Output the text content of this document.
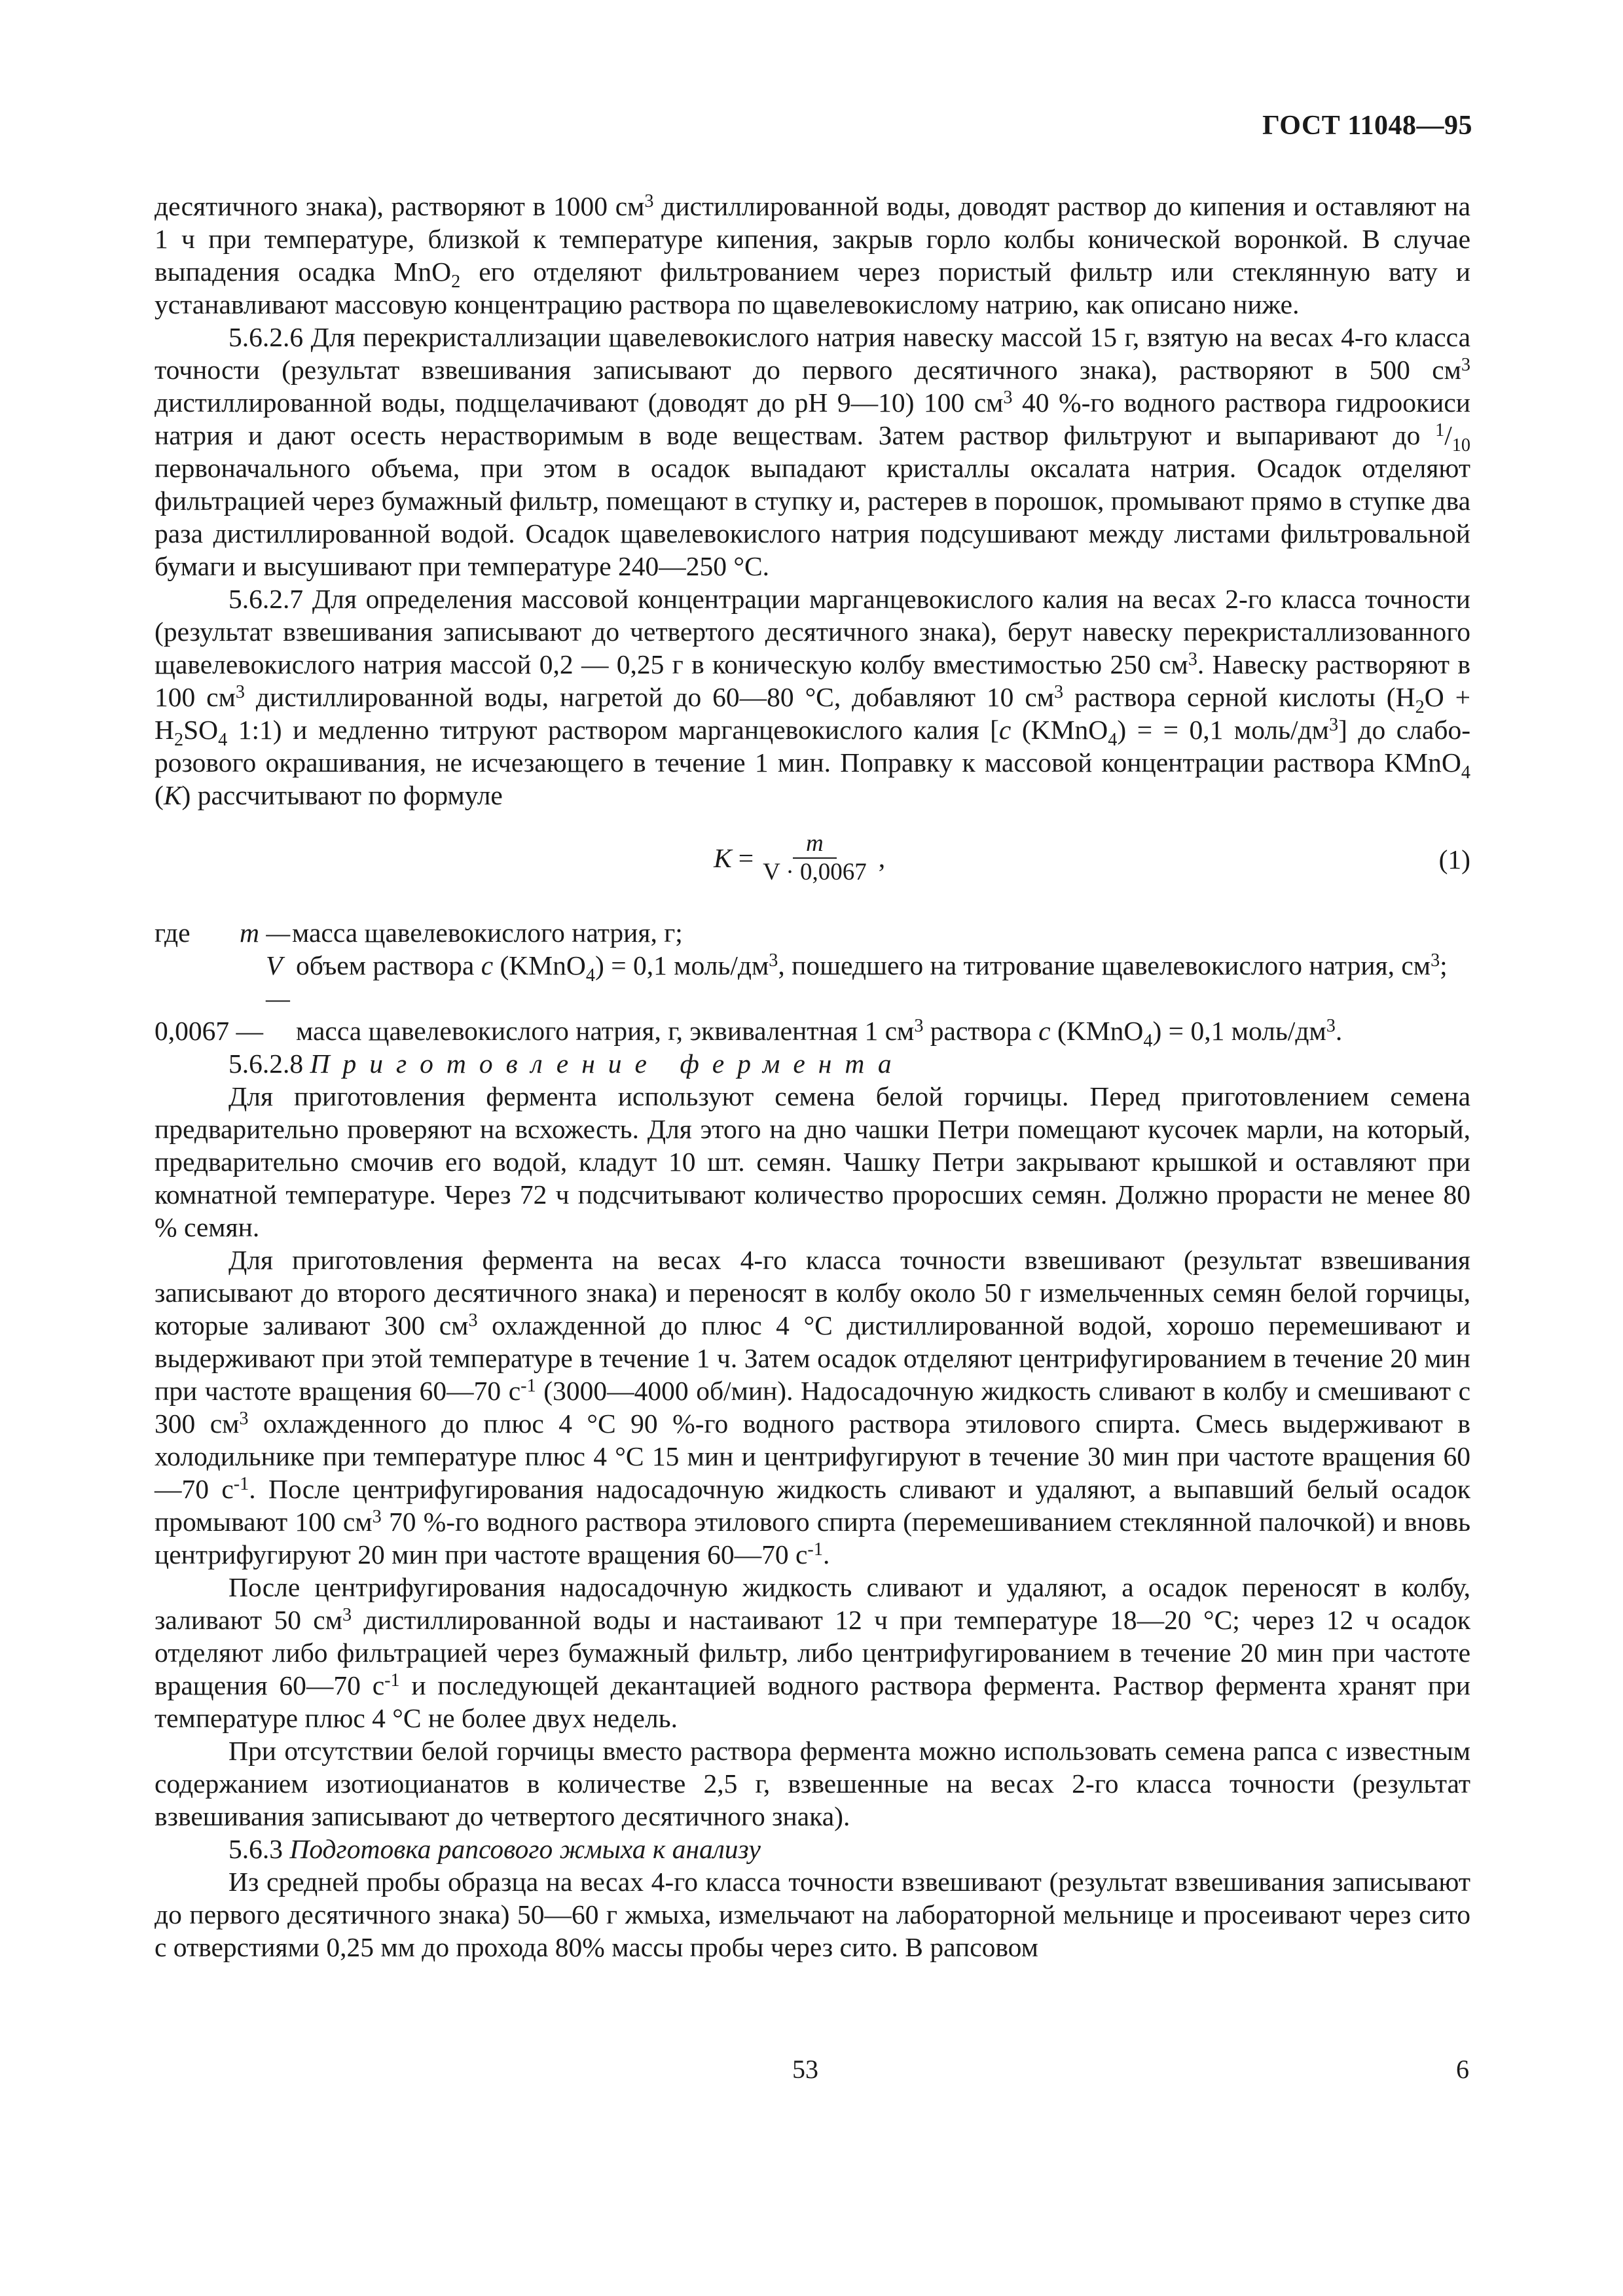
ГОСТ 11048—95

десятичного знака), растворяют в 1000 $см^3$ дистиллированной воды, доводят раствор до кипения и оставляют на 1 ч при температуре, близкой к температуре кипения, закрыв горло колбы конической воронкой. В случае выпадения осадка MnO$_2$ его отделяют фильтрованием через пористый фильтр или стеклянную вату и устанавливают массовую концентрацию раствора по щавелевокислому натрию, как описано ниже.

5.6.2.6 Для перекристаллизации щавелевокислого натрия навеску массой 15 г, взятую на весах 4-го класса точности (результат взвешивания записывают до первого десятичного знака), растворяют в 500 $см^3$ дистиллированной воды, подщелачивают (доводят до рН 9—10) 100 $см^3$ 40 %-го водного раствора гидроокиси натрия и дают осесть нерастворимым в воде веществам. Затем раствор фильтруют и выпаривают до $^1/_{10}$ первоначального объема, при этом в осадок выпадают кристаллы оксалата натрия. Осадок отделяют фильтрацией через бумажный фильтр, помещают в ступку и, растерев в порошок, промывают прямо в ступке два раза дистиллированной водой. Осадок щавелевокислого натрия подсушивают между листами фильтровальной бумаги и высушивают при температуре 240—250 °С.

5.6.2.7 Для определения массовой концентрации марганцевокислого калия на весах 2-го класса точности (результат взвешивания записывают до четвертого десятичного знака), берут навеску перекристаллизованного щавелевокислого натрия массой 0,2 — 0,25 г в коническую колбу вместимостью 250 $см^3$. Навеску растворяют в 100 $см^3$ дистиллированной воды, нагретой до 60—80 °С, добавляют 10 $см^3$ раствора серной кислоты ($H_2O + H_2SO_4$ 1:1) и медленно титруют раствором марганцевокислого калия [c (KMnO$_4$) = = 0,1 моль/$дм^3$] до слабо-розового окрашивания, не исчезающего в течение 1 мин. Поправку к массовой концентрации раствора KMnO$_4$ (K) рассчитывают по формуле

$K = \frac{m}{V \cdot 0,0067}$ ,	(1)
где	m — масса щавелевокислого натрия, г;
V —
объем раствора c (KMnO$_4$) = 0,1 моль/$дм^3$, пошедшего на титрование щавелевокислого натрия, $см^3$;
0,0067 —	масса щавелевокислого натрия, г, эквивалентная 1 $см^3$ раствора c (KMnO$_4$) = 0,1 моль/$дм^3$.

5.6.2.8 Приготовление фермента

Для приготовления фермента используют семена белой горчицы. Перед приготовлением семена предварительно проверяют на всхожесть. Для этого на дно чашки Петри помещают кусочек марли, на который, предварительно смочив его водой, кладут 10 шт. семян. Чашку Петри закрывают крышкой и оставляют при комнатной температуре. Через 72 ч подсчитывают количество проросших семян. Должно прорасти не менее 80 % семян.

Для приготовления фермента на весах 4-го класса точности взвешивают (результат взвешивания записывают до второго десятичного знака) и переносят в колбу около 50 г измельченных семян белой горчицы, которые заливают 300 $см^3$ охлажденной до плюс 4 °С дистиллированной водой, хорошо перемешивают и выдерживают при этой температуре в течение 1 ч. Затем осадок отделяют центрифугированием в течение 20 мин при частоте вращения 60—70 $с^{-1}$ (3000—4000 об/мин). Надосадочную жидкость сливают в колбу и смешивают с 300 $см^3$ охлажденного до плюс 4 °С 90 %-го водного раствора этилового спирта. Смесь выдерживают в холодильнике при температуре плюс 4 °С 15 мин и центрифугируют в течение 30 мин при частоте вращения 60—70 $с^{-1}$. После центрифугирования надосадочную жидкость сливают и удаляют, а выпавший белый осадок промывают 100 $см^3$ 70 %-го водного раствора этилового спирта (перемешиванием стеклянной палочкой) и вновь центрифугируют 20 мин при частоте вращения 60—70 $с^{-1}$.

После центрифугирования надосадочную жидкость сливают и удаляют, а осадок переносят в колбу, заливают 50 $см^3$ дистиллированной воды и настаивают 12 ч при температуре 18—20 °С; через 12 ч осадок отделяют либо фильтрацией через бумажный фильтр, либо центрифугированием в течение 20 мин при частоте вращения 60—70 $с^{-1}$ и последующей декантацией водного раствора фермента. Раствор фермента хранят при температуре плюс 4 °С не более двух недель.

При отсутствии белой горчицы вместо раствора фермента можно использовать семена рапса с известным содержанием изотиоцианатов в количестве 2,5 г, взвешенные на весах 2-го класса точности (результат взвешивания записывают до четвертого десятичного знака).

5.6.3 Подготовка рапсового жмыха к анализу

Из средней пробы образца на весах 4-го класса точности взвешивают (результат взвешивания записывают до первого десятичного знака) 50—60 г жмыха, измельчают на лабораторной мельнице и просеивают через сито с отверстиями 0,25 мм до прохода 80% массы пробы через сито. В рапсовом

53	6
